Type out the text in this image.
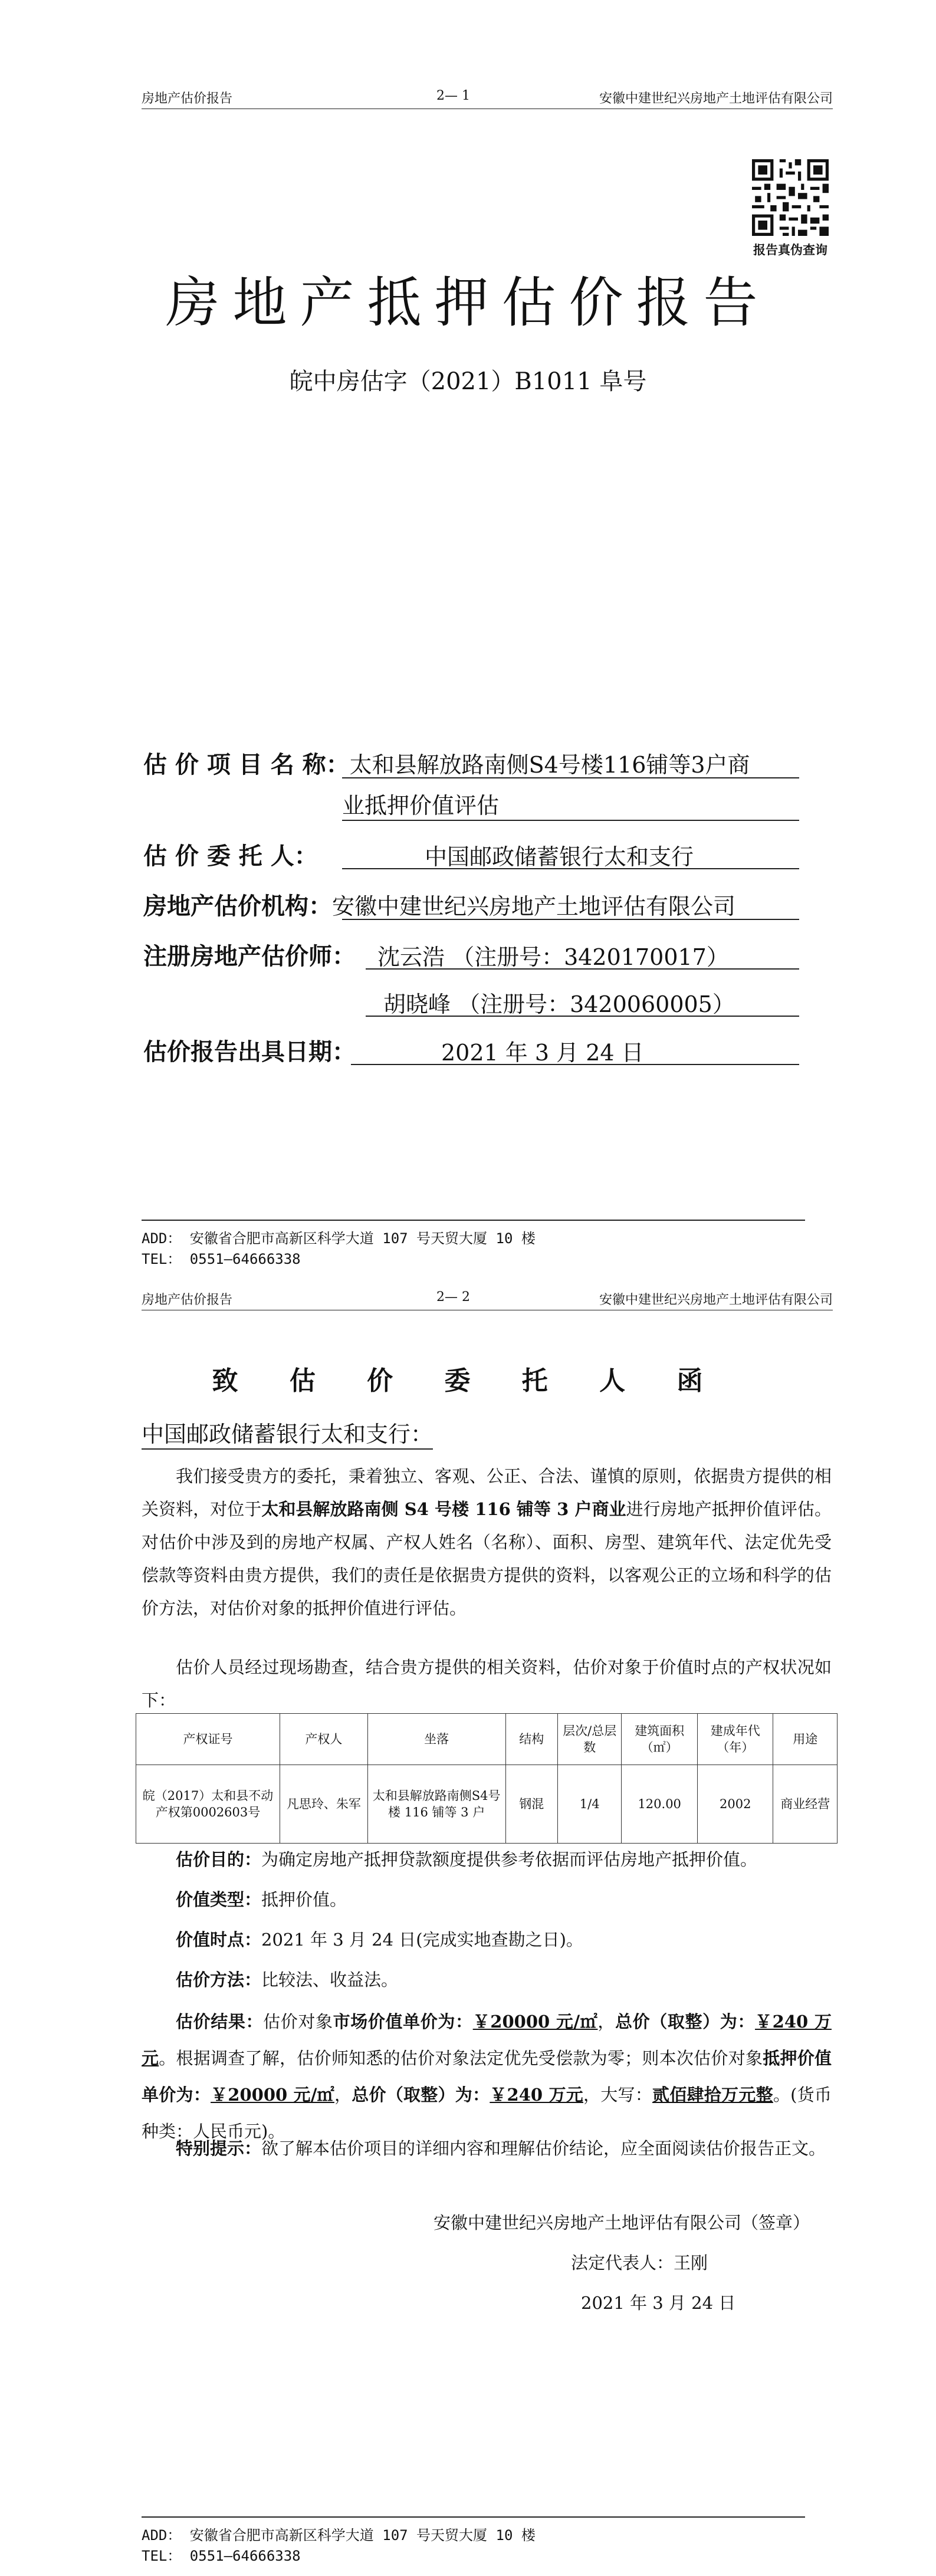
房地产估价报告	2— 1	安徽中建世纪兴房地产土地评估有限公司
报告真伪查询
房地产抵押估价报告
皖中房估字（2021）B1011 阜号
估 价 项 目 名 称：太和县解放路南侧S4号楼116铺等3户商
业抵押价值评估
估 价 委 托 人：	中国邮政储蓄银行太和支行
房地产估价机构：安徽中建世纪兴房地产土地评估有限公司
注册房地产估价师： 沈云浩 （注册号：3420170017）
胡晓峰 （注册号：3420060005）
估价报告出具日期：	2021 年 3 月 24 日
ADD： 安徽省合肥市高新区科学大道 107 号天贸大厦 10 楼
TEL： 0551—64666338
房地产估价报告	2— 2	安徽中建世纪兴房地产土地评估有限公司
致 估 价 委 托 人 函
中国邮政储蓄银行太和支行：
我们接受贵方的委托，秉着独立、客观、公正、合法、谨慎的原则，依据贵方提供的相关资料，对位于太和县解放路南侧 S4 号楼 116 铺等 3 户商业进行房地产抵押价值评估。对估价中涉及到的房地产权属、产权人姓名（名称）、面积、房型、建筑年代、法定优先受偿款等资料由贵方提供，我们的责任是依据贵方提供的资料，以客观公正的立场和科学的估价方法，对估价对象的抵押价值进行评估。
估价人员经过现场勘查，结合贵方提供的相关资料，估价对象于价值时点的产权状况如下：
产权证号	产权人	坐落	结构	层次/总层数	建筑面积（㎡）	建成年代（年）	用途
皖（2017）太和县不动产权第0002603号	凡思玲、朱军	太和县解放路南侧S4号楼 116 铺等 3 户	钢混	1/4	120.00	2002	商业经营
估价目的：为确定房地产抵押贷款额度提供参考依据而评估房地产抵押价值。
价值类型：抵押价值。
价值时点：2021 年 3 月 24 日(完成实地查勘之日)。
估价方法：比较法、收益法。
估价结果：估价对象市场价值单价为：￥20000 元/㎡，总价（取整）为：￥240 万元。根据调查了解，估价师知悉的估价对象法定优先受偿款为零；则本次估价对象抵押价值单价为：￥20000 元/㎡，总价（取整）为：￥240 万元，大写：贰佰肆拾万元整。(货币种类：人民币元)。
特别提示：欲了解本估价项目的详细内容和理解估价结论，应全面阅读估价报告正文。
安徽中建世纪兴房地产土地评估有限公司（签章）
法定代表人：王刚
2021 年 3 月 24 日
ADD： 安徽省合肥市高新区科学大道 107 号天贸大厦 10 楼
TEL： 0551—64666338
